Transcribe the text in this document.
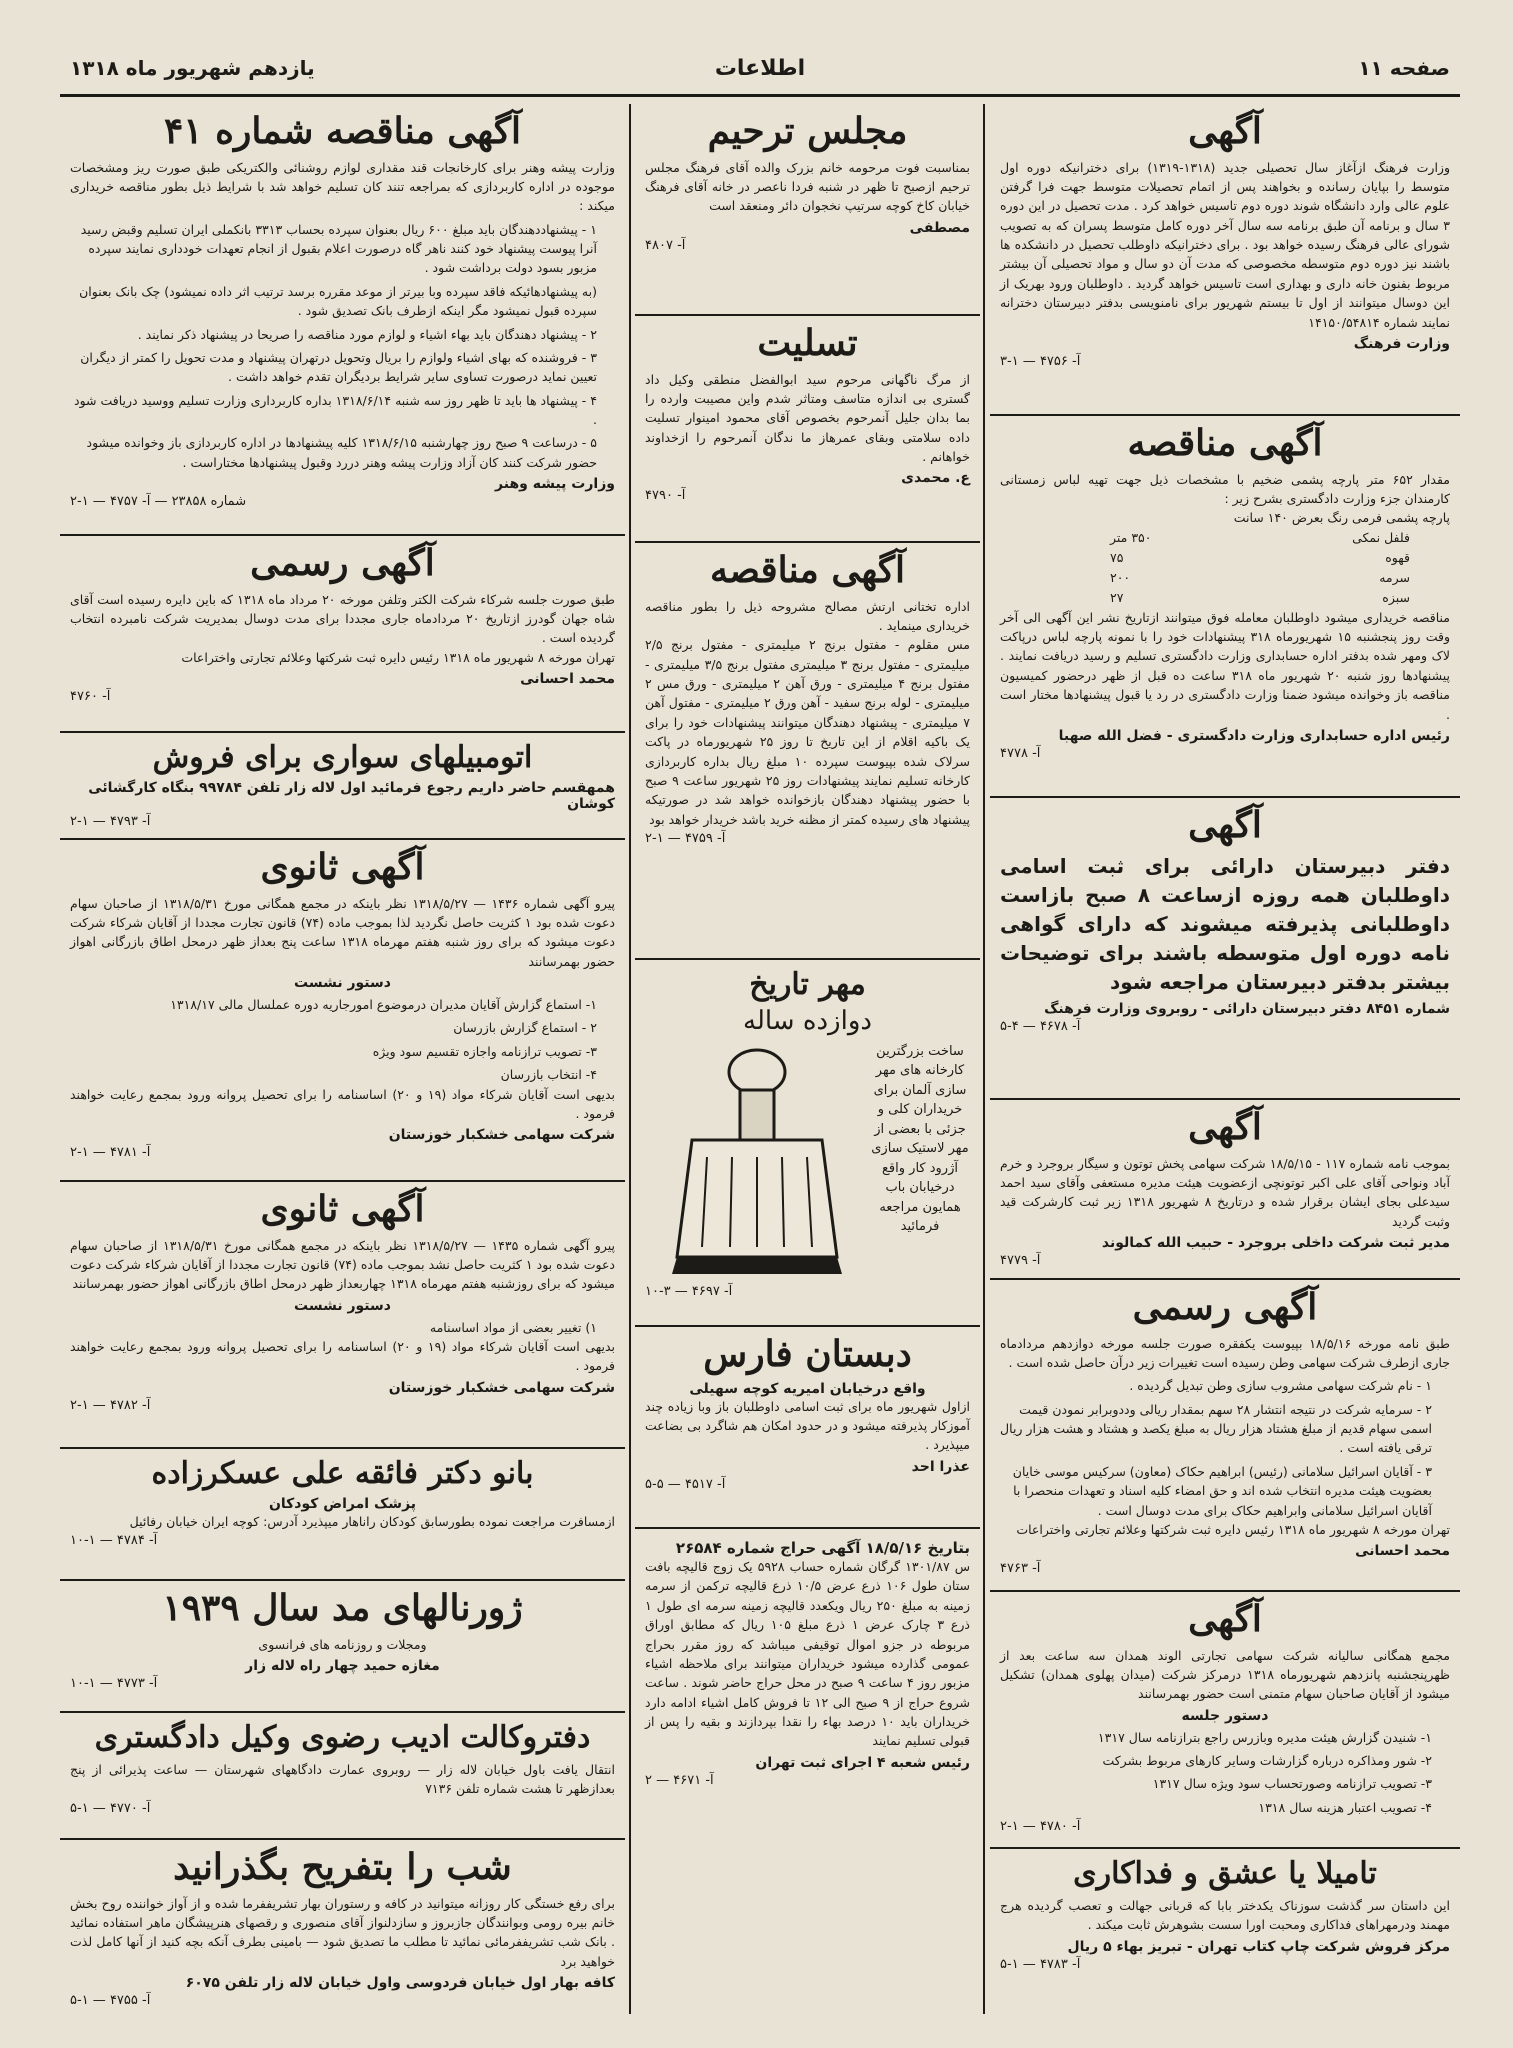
صفحه ۱۱
اطلاعات
یازدهم شهریور ماه ۱۳۱۸
آگهی
وزارت فرهنگ ازآغاز سال تحصیلی جدید (۱۳۱۸-۱۳۱۹) برای دخترانیکه دوره اول متوسط را بپایان رسانده و بخواهند پس از اتمام تحصیلات متوسط جهت فرا گرفتن علوم عالی وارد دانشگاه شوند دوره دوم تاسیس خواهد کرد . مدت تحصیل در این دوره ۳ سال و برنامه آن طبق برنامه سه سال آخر دوره کامل متوسط پسران که به تصویب شورای عالی فرهنگ رسیده خواهد بود . برای دخترانیکه داوطلب تحصیل در دانشکده ها باشند نیز دوره دوم متوسطه مخصوصی که مدت آن دو سال و مواد تحصیلی آن بیشتر مربوط بفنون خانه داری و بهداری است تاسیس خواهد گردید . داوطلبان ورود بهریک از این دوسال میتوانند از اول تا بیستم شهریور برای نامنویسی بدفتر دبیرستان دخترانه نمایند شماره ۱۴۱۵۰/۵۴۸۱۴
وزارت فرهنگ
آ- ۴۷۵۶ — ۱-۳
آگهی مناقصه
مقدار ۶۵۲ متر پارچه پشمی ضخیم با مشخصات ذیل جهت تهیه لباس زمستانی کارمندان جزء وزارت دادگستری بشرح زیر :
پارچه پشمی فرمی رنگ بعرض ۱۴۰ سانت
فلفل نمکی
۳۵۰ متر
قهوه
۷۵
سرمه
۲۰۰
سبزه
۲۷
مناقصه خریداری میشود داوطلبان معامله فوق میتوانند ازتاریخ نشر این آگهی الی آخر وقت روز پنجشنبه ۱۵ شهریورماه ۳۱۸ پیشنهادات خود را با نمونه پارچه لباس درپاکت لاک ومهر شده بدفتر اداره حسابداری وزارت دادگستری تسلیم و رسید دریافت نمایند . پیشنهادها روز شنبه ۲۰ شهریور ماه ۳۱۸ ساعت ده قبل از ظهر درحضور کمیسیون مناقصه باز وخوانده میشود ضمنا وزارت دادگستری در رد یا قبول پیشنهادها مختار است .
رئیس اداره حسابداری وزارت دادگستری - فضل الله صهبا
آ- ۴۷۷۸
آگهی
دفتر دبیرستان دارائی برای ثبت اسامی داوطلبان همه روزه ازساعت ۸ صبح بازاست داوطلبانی پذیرفته میشوند که دارای گواهی نامه دوره اول متوسطه باشند برای توضیحات بیشتر بدفتر دبیرستان مراجعه شود
شماره ۸۴۵۱ دفتر دبیرستان دارائی - روبروی وزارت فرهنگ
آ- ۴۶۷۸ — ۴-۵
آگهی
بموجب نامه شماره ۱۱۷ - ۱۸/۵/۱۵ شرکت سهامی پخش توتون و سیگار بروجرد و خرم آباد ونواحی آقای علی اکبر توتونچی ازعضویت هیئت مدیره مستعفی وآقای سید احمد سیدعلی بجای ایشان برقرار شده و درتاریخ ۸ شهریور ۱۳۱۸ زیر ثبت کارشرکت قید وثبت گردید
مدیر ثبت شرکت داخلی بروجرد - حبیب الله کمالوند
آ- ۴۷۷۹
آگهی رسمی
طبق نامه مورخه ۱۸/۵/۱۶ بپیوست یکفقره صورت جلسه مورخه دوازدهم مردادماه جاری ازطرف شرکت سهامی وطن رسیده است تغییرات زیر درآن حاصل شده است .
۱ - نام شرکت سهامی مشروب سازی وطن تبدیل گردیده .
۲ - سرمایه شرکت در نتیجه انتشار ۲۸ سهم بمقدار ریالی وددوبرابر نمودن قیمت اسمی سهام قدیم از مبلغ هشتاد هزار ریال به مبلغ یکصد و هشتاد و هشت هزار ریال ترقی یافته است .
۳ - آقایان اسرائیل سلامانی (رئیس) ابراهیم حکاک (معاون) سرکیس موسی خایان بعضویت هیئت مدیره انتخاب شده اند و حق امضاء کلیه اسناد و تعهدات منحصرا با آقایان اسرائیل سلامانی وابراهیم حکاک برای مدت دوسال است .
تهران مورخه ۸ شهریور ماه ۱۳۱۸ رئیس دایره ثبت شرکتها وعلائم تجارتی واختراعات
محمد احسانی
آ- ۴۷۶۳
آگهی
مجمع همگانی سالیانه شرکت سهامی تجارتی الوند همدان سه ساعت بعد از ظهرپنجشنبه پانزدهم شهریورماه ۱۳۱۸ درمرکز شرکت (میدان پهلوی همدان) تشکیل میشود از آقایان صاحبان سهام متمنی است حضور بهمرسانند
دستور جلسه
۱- شنیدن گزارش هیئت مدیره وبازرس راجع بترازنامه سال ۱۳۱۷
۲- شور ومذاکره درباره گزارشات وسایر کارهای مربوط بشرکت
۳- تصویب ترازنامه وصورتحساب سود ویژه سال ۱۳۱۷
۴- تصویب اعتبار هزینه سال ۱۳۱۸
آ- ۴۷۸۰ — ۱-۲
تامیلا یا عشق و فداکاری
این داستان سر گذشت سوزناک یکدختر بابا که قربانی جهالت و تعصب گردیده هرج مهمند ودرمهراهای فداکاری ومحبت اورا سست بشوهرش ثابت میکند .
مرکز فروش شرکت چاپ کتاب تهران - تبریز بهاء ۵ ریال
آ- ۴۷۸۳ — ۱-۵
مجلس ترحیم
بمناسبت فوت مرحومه خانم بزرک والده آقای فرهنگ مجلس ترحیم ازصبح تا ظهر در شنبه فردا ناعصر در خانه آقای فرهنگ خیابان کاخ کوچه سرتیپ نخجوان دائر ومنعقد است
مصطفی
آ- ۴۸۰۷
تسلیت
از مرگ ناگهانی مرحوم سید ابوالفضل منطقی وکیل داد گستری بی اندازه متاسف ومتاثر شدم واین مصیبت وارده را بما بدان جلیل آنمرحوم بخصوص آقای محمود امینوار تسلیت داده سلامتی وبقای عمرهاز ما ندگان آنمرحوم را ازخداوند خواهانم .
ع. محمدی
آ- ۴۷۹۰
آگهی مناقصه
اداره تختانی ارتش مصالح مشروحه ذیل را بطور مناقصه خریداری مینماید .
مس مقلوم - مفتول برنج ۲ میلیمتری - مفتول برنج ۲/۵ میلیمتری - مفتول برنج ۳ میلیمتری مفتول برنج ۳/۵ میلیمتری - مفتول برنج ۴ میلیمتری - ورق آهن ۲ میلیمتری - ورق مس ۲ میلیمتری - لوله برنج سفید - آهن ورق ۲ میلیمتری - مفتول آهن ۷ میلیمتری - پیشنهاد دهندگان میتوانند پیشنهادات خود را برای یک باکیه اقلام از این تاریخ تا روز ۲۵ شهریورماه در پاکت سرلاک شده بپیوست سپرده ۱۰ مبلغ ریال بداره کاربردازی کارخانه تسلیم نمایند پیشنهادات روز ۲۵ شهریور ساعت ۹ صبح با حضور پیشنهاد دهندگان بازخوانده خواهد شد در صورتیکه پیشنهاد های رسیده کمتر از مظنه خرید باشد خریدار خواهد بود
آ- ۴۷۵۹ — ۱-۲
مهر تاریخ
دوازده ساله
ساخت بزرگترین کارخانه های مهر سازی آلمان برای خریداران کلی و جزئی با بعضی از مهر لاستیک سازی آژرود کار واقع درخیابان باب همایون مراجعه فرمائید
آ- ۴۶۹۷ — ۳-۱۰
دبستان فارس
واقع درخیابان امیریه کوچه سهیلی
ازاول شهریور ماه برای ثبت اسامی داوطلبان باز وبا زیاده چند آموزکار پذیرفته میشود و در حدود امکان هم شاگرد بی بضاعت میپذیرد .
عذرا احد
آ- ۴۵۱۷ — ۵-۵
بتاریخ ۱۸/۵/۱۶ آگهی حراج شماره ۲۶۵۸۴
س ۱۳۰۱/۸۷ گرگان شماره حساب ۵۹۲۸ یک زوج قالیچه بافت ستان طول ۱۰۶ ذرع عرض ۱۰/۵ ذرع قالیچه ترکمن از سرمه زمینه به مبلغ ۲۵۰ ریال ویکعدد قالیچه زمینه سرمه ای طول ۱ ذرع ۳ چارک عرض ۱ ذرع مبلغ ۱۰۵ ریال که مطابق اوراق مربوطه در جزو اموال توقیفی میباشد که روز مقرر بحراج عمومی گذارده میشود خریداران میتوانند برای ملاحظه اشیاء مزبور روز ۴ ساعت ۹ صبح در محل حراج حاضر شوند . ساعت شروع حراج از ۹ صبح الی ۱۲ تا فروش کامل اشیاء ادامه دارد خریداران باید ۱۰ درصد بهاء را نقدا بپردازند و بقیه را پس از قبولی تسلیم نمایند
رئیس شعبه ۴ اجرای ثبت تهران
آ- ۴۶۷۱ — ۲
آگهی مناقصه شماره ۴۱
وزارت پیشه وهنر برای کارخانجات قند مقداری لوازم روشنائی والکتریکی طبق صورت ریز ومشخصات موجوده در اداره کاربردازی که بمراجعه تنند کان تسلیم خواهد شد با شرایط ذیل بطور مناقصه خریداری میکند :
۱ - پیشنهاددهندگان باید مبلغ ۶۰۰ ریال بعنوان سپرده بحساب ۳۳۱۳ بانکملی ایران تسلیم وقبض رسید آنرا پیوست پیشنهاد خود کنند ناهر گاه درصورت اعلام بقبول از انجام تعهدات خودداری نمایند سپرده مزبور بسود دولت برداشت شود .
(به پیشنهادهائیکه فاقد سپرده وبا بیرتر از موعد مقرره برسد ترتیب اثر داده نمیشود) چک بانک بعنوان سپرده قبول نمیشود مگر اینکه ازطرف بانک تصدیق شود .
۲ - پیشنهاد دهندگان باید بهاء اشیاء و لوازم مورد مناقصه را صریحا در پیشنهاد ذکر نمایند .
۳ - فروشنده که بهای اشیاء ولوازم را بریال وتحویل درتهران پیشنهاد و مدت تحویل را کمتر از دیگران تعیین نماید درصورت تساوی سایر شرایط بردیگران تقدم خواهد داشت .
۴ - پیشنهاد ها باید تا ظهر روز سه شنبه ۱۳۱۸/۶/۱۴ بداره کاربرداری وزارت تسلیم ووسید دریافت شود .
۵ - درساعت ۹ صبح روز چهارشنبه ۱۳۱۸/۶/۱۵ کلیه پیشنهادها در اداره کاربردازی باز وخوانده میشود حضور شرکت کنند کان آزاد وزارت پیشه وهنر دررد وقبول پیشنهادها مختاراست .
وزارت پیشه وهنر
شماره ۲۳۸۵۸ — آ- ۴۷۵۷ — ۱-۲
آگهی رسمی
طبق صورت جلسه شرکاء شرکت الکتر وتلفن مورخه ۲۰ مرداد ماه ۱۳۱۸ که باین دایره رسیده است آقای شاه جهان گودرز ازتاریخ ۲۰ مردادماه جاری مجددا برای مدت دوسال بمدیریت شرکت نامبرده انتخاب گردیده است .
تهران مورخه ۸ شهریور ماه ۱۳۱۸ رئیس دایره ثبت شرکتها وعلائم تجارتی واختراعات
محمد احسانی
آ- ۴۷۶۰
اتومبیلهای سواری برای فروش
همهقسم حاضر داریم رجوع فرمائید اول لاله زار تلفن ۹۹۷۸۴ بنگاه کارگشائی کوشان
آ- ۴۷۹۳ — ۱-۲
آگهی ثانوی
پیرو آگهی شماره ۱۴۳۶ — ۱۳۱۸/۵/۲۷ نظر باینکه در مجمع همگانی مورخ ۱۳۱۸/۵/۳۱ از صاحبان سهام دعوت شده بود ۱ کثریت حاصل نگردید لذا بموجب ماده (۷۴) قانون تجارت مجددا از آقایان شرکاء شرکت دعوت میشود که برای روز شنبه هفتم مهرماه ۱۳۱۸ ساعت پنج بعداز ظهر درمحل اطاق بازرگانی اهواز حضور بهمرسانند
دستور نشست
۱- استماع گزارش آقایان مدیران درموضوع امورجاریه دوره عملسال مالی ۱۳۱۸/۱۷
۲ - استماع گزارش بازرسان
۳- تصویب ترازنامه واجازه تقسیم سود ویژه
۴- انتخاب بازرسان
بدیهی است آقایان شرکاء مواد (۱۹ و ۲۰) اساسنامه را برای تحصیل پروانه ورود بمجمع رعایت خواهند فرمود .
شرکت سهامی خشکبار خوزستان
آ- ۴۷۸۱ — ۱-۲
آگهی ثانوی
پیرو آگهی شماره ۱۴۳۵ — ۱۳۱۸/۵/۲۷ نظر باینکه در مجمع همگانی مورخ ۱۳۱۸/۵/۳۱ از صاحبان سهام دعوت شده بود ۱ کثریت حاصل نشد بموجب ماده (۷۴) قانون تجارت مجددا از آقایان شرکاء شرکت دعوت میشود که برای روزشنبه هفتم مهرماه ۱۳۱۸ چهاربعداز ظهر درمحل اطاق بازرگانی اهواز حضور بهمرسانند
دستور نشست
۱) تغییر بعضی از مواد اساسنامه
بدیهی است آقایان شرکاء مواد (۱۹ و ۲۰) اساسنامه را برای تحصیل پروانه ورود بمجمع رعایت خواهند فرمود .
شرکت سهامی خشکبار خوزستان
آ- ۴۷۸۲ — ۱-۲
بانو دکتر فائقه علی عسکرزاده
پزشک امراض کودکان
ازمسافرت مراجعت نموده بطورسابق کودکان راناهار میپذیرد آدرس: کوچه ایران خیابان رفائیل
آ- ۴۷۸۴ — ۱-۱۰
ژورنالهای مد سال ۱۹۳۹
ومجلات و روزنامه های فرانسوی
مغازه حمید چهار راه لاله زار
آ- ۴۷۷۳ — ۱-۱۰
دفتروکالت ادیب رضوی وکیل دادگستری
انتقال یافت باول خیابان لاله زار — روبروی عمارت دادگاههای شهرستان — ساعت پذیرائی از پنج بعدازظهر تا هشت شماره تلفن ۷۱۳۶
آ- ۴۷۷۰ — ۱-۵
شب را بتفریح بگذرانید
برای رفع خستگی کار روزانه میتوانید در کافه و رستوران بهار تشریففرما شده و از آواز خواننده روح بخش خانم بیره رومی وبوانندگان جازبروز و سازدلنواز آقای منصوری و رقصهای هنرپیشگان ماهر استفاده نمائید . بانک شب تشریففرمائی نمائید تا مطلب ما تصدیق شود — بامینی بطرف آنکه بچه کنید از آنها کامل لذت خواهید برد
کافه بهار اول خیابان فردوسی واول خیابان لاله زار تلفن ۶۰۷۵
آ- ۴۷۵۵ — ۱-۵
